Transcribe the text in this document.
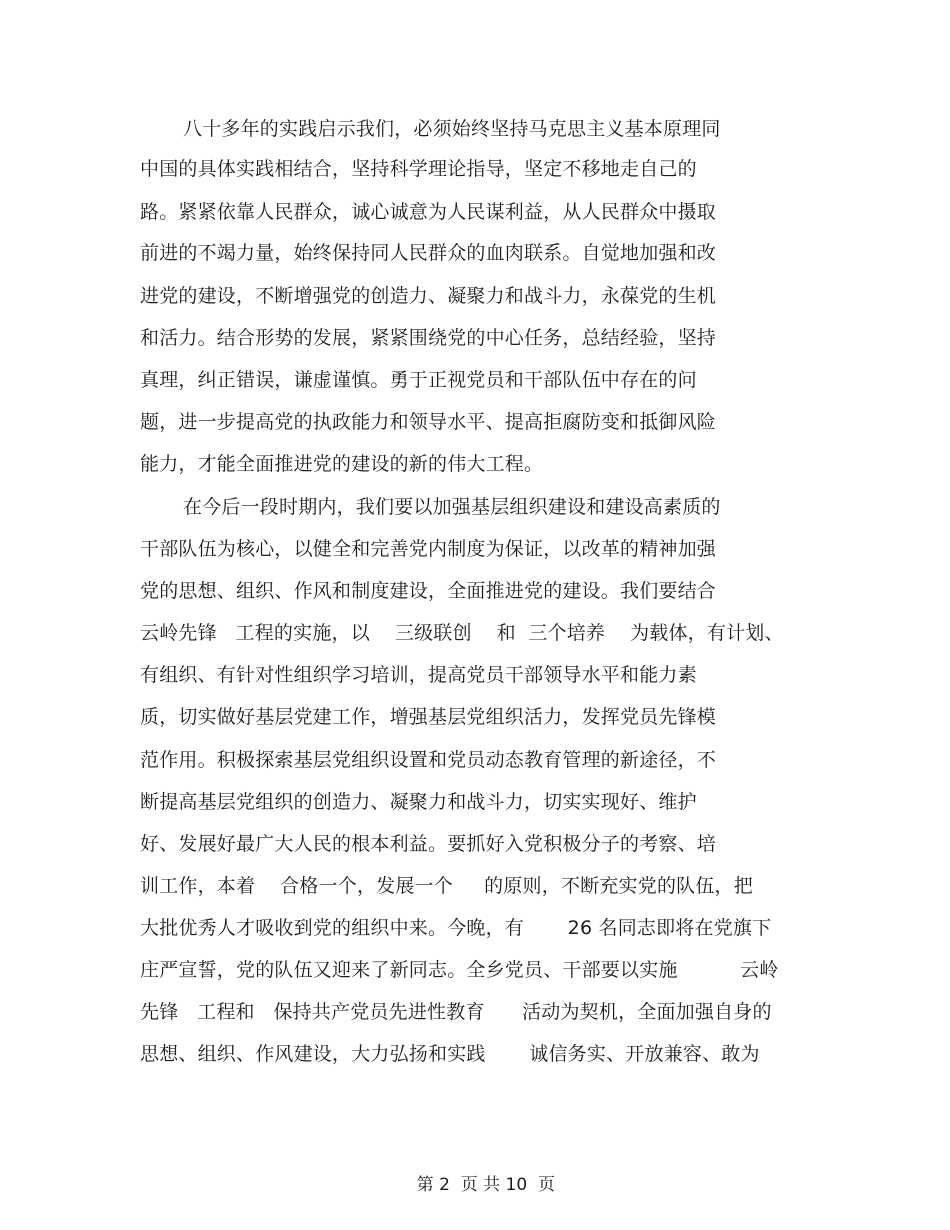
八十多年的实践启示我们，必须始终坚持马克思主义基本原理同

中国的具体实践相结合，坚持科学理论指导，坚定不移地走自己的

路。紧紧依靠人民群众，诚心诚意为人民谋利益，从人民群众中摄取

前进的不竭力量，始终保持同人民群众的血肉联系。自觉地加强和改

进党的建设，不断增强党的创造力、凝聚力和战斗力，永葆党的生机

和活力。结合形势的发展，紧紧围绕党的中心任务，总结经验，坚持

真理，纠正错误，谦虚谨慎。勇于正视党员和干部队伍中存在的问

题，进一步提高党的执政能力和领导水平、提高拒腐防变和抵御风险

能力，才能全面推进党的建设的新的伟大工程。

在今后一段时期内，我们要以加强基层组织建设和建设高素质的

干部队伍为核心，以健全和完善党内制度为保证，以改革的精神加强

党的思想、组织、作风和制度建设，全面推进党的建设。我们要结合

云岭先锋   工程的实施，以    三级联创    和  三个培养    为载体，有计划、

有组织、有针对性组织学习培训，提高党员干部领导水平和能力素

质，切实做好基层党建工作，增强基层党组织活力，发挥党员先锋模

范作用。积极探索基层党组织设置和党员动态教育管理的新途径，不

断提高基层党组织的创造力、凝聚力和战斗力，切实实现好、维护

好、发展好最广大人民的根本利益。要抓好入党积极分子的考察、培

训工作，本着    合格一个，发展一个     的原则，不断充实党的队伍，把

大批优秀人才吸收到党的组织中来。今晚，有       26 名同志即将在党旗下

庄严宣誓，党的队伍又迎来了新同志。全乡党员、干部要以实施          云岭

先锋   工程和   保持共产党员先进性教育      活动为契机，全面加强自身的

思想、组织、作风建设，大力弘扬和实践       诚信务实、开放兼容、敢为

第 2  页 共 10  页
